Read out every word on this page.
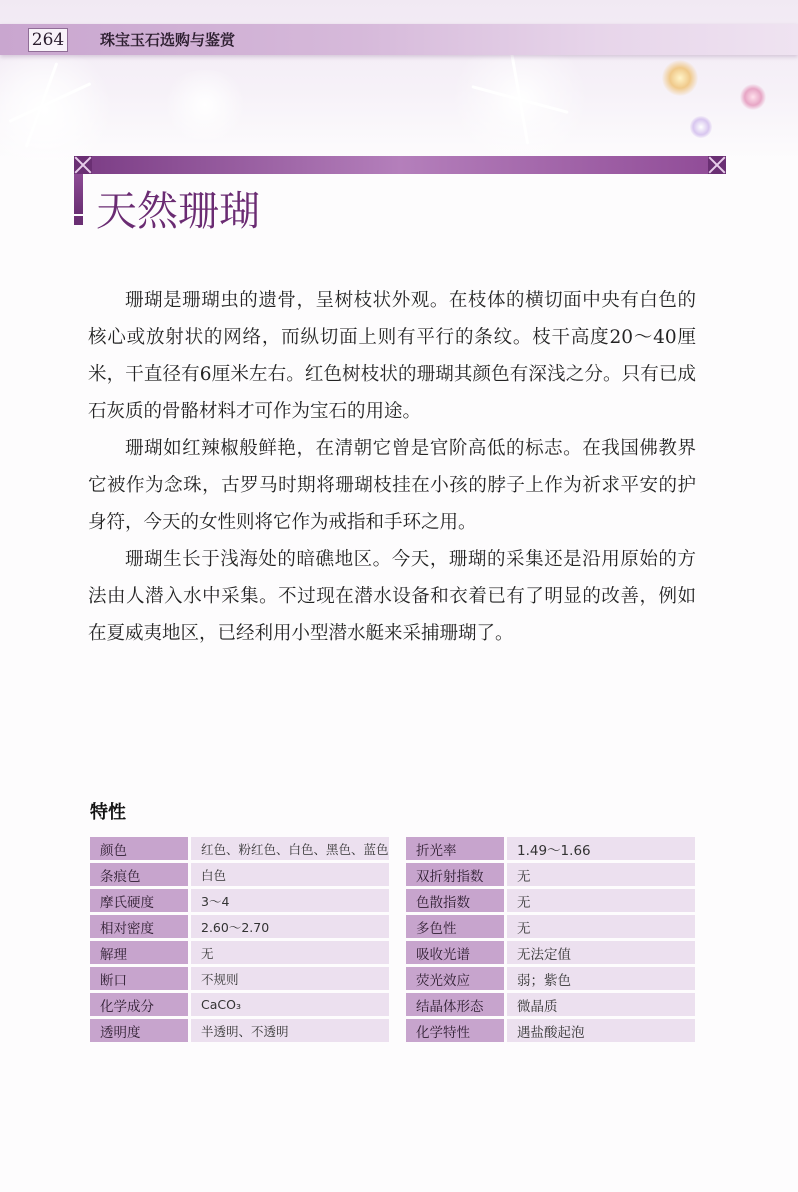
264 珠宝玉石选购与鉴赏
天然珊瑚

珊瑚是珊瑚虫的遗骨，呈树枝状外观。在枝体的横切面中央有白色的核心或放射状的网络，而纵切面上则有平行的条纹。枝干高度20～40厘米，干直径有6厘米左右。红色树枝状的珊瑚其颜色有深浅之分。只有已成石灰质的骨骼材料才可作为宝石的用途。

珊瑚如红辣椒般鲜艳，在清朝它曾是官阶高低的标志。在我国佛教界它被作为念珠，古罗马时期将珊瑚枝挂在小孩的脖子上作为祈求平安的护身符，今天的女性则将它作为戒指和手环之用。

珊瑚生长于浅海处的暗礁地区。今天，珊瑚的采集还是沿用原始的方法由人潜入水中采集。不过现在潜水设备和衣着已有了明显的改善，例如在夏威夷地区，已经利用小型潜水艇来采捕珊瑚了。

特性
颜色	红色、粉红色、白色、黑色、蓝色
条痕色	白色
摩氏硬度	3～4
相对密度	2.60～2.70
解理	无
断口	不规则
化学成分	CaCO₃
透明度	半透明、不透明
折光率	1.49～1.66
双折射指数	无
色散指数	无
多色性	无
吸收光谱	无法定值
荧光效应	弱；紫色
结晶体形态	微晶质
化学特性	遇盐酸起泡
